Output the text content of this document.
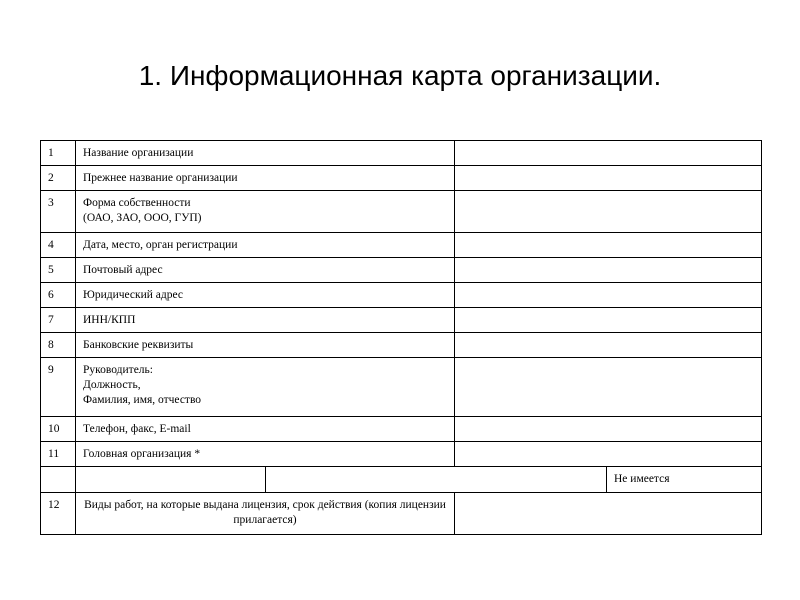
1. Информационная карта организации.
1	Название организации			
2	Прежнее название организации			
3	Форма собственности
(ОАО, ЗАО, ООО, ГУП)			
4	Дата, место, орган регистрации			
5	Почтовый адрес			
6	Юридический адрес			
7	ИНН/КПП			
8	Банковские реквизиты			
9	Руководитель:
Должность,
Фамилия, имя, отчество			
10	Телефон, факс, E-mail			
11	Головная организация *			
				Не имеется
12	Виды работ, на которые выдана лицензия, срок действия (копия лицензии прилагается)			
